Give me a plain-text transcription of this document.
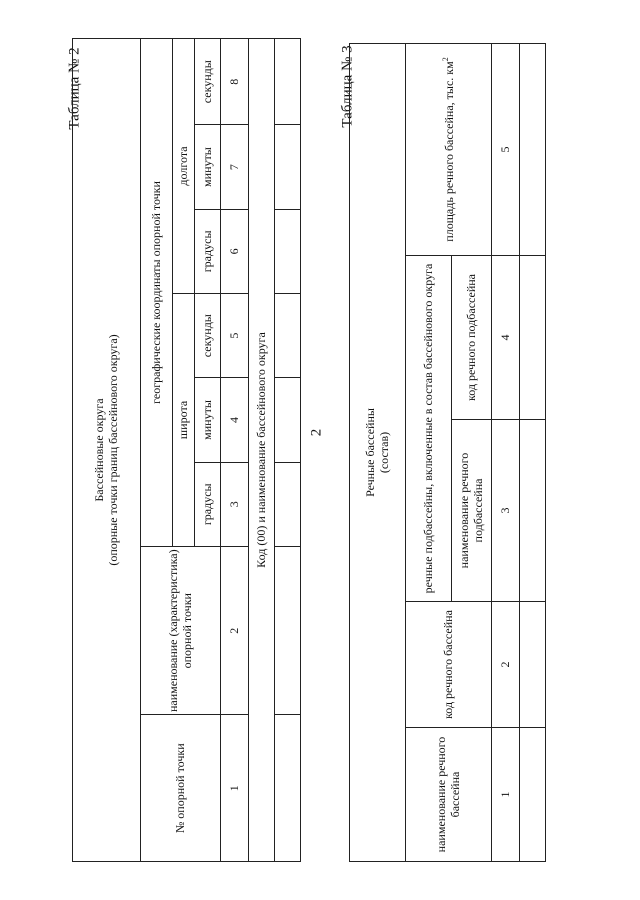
2
Таблица № 2
Бассейновые округа (опорные точки границ бассейнового округа)							

№ опорной точки	наименование (характеристика) опорной точки	географические координаты опорной точки					
		широта			долгота		
		градусы	минуты	секунды	градусы	минуты	секунды
1	2	3	4	5	6	7	8
Код (00) и наименование бассейнового округа							

Таблица № 3
Речные бассейны (состав)				

наименование речного бассейна	код речного бассейна	речные подбассейны, включенные в состав бассейнового округа		площадь речного бассейна, тыс. $км^2$
		наименование речного подбассейна	код речного подбассейна	
1	2	3	4	5
